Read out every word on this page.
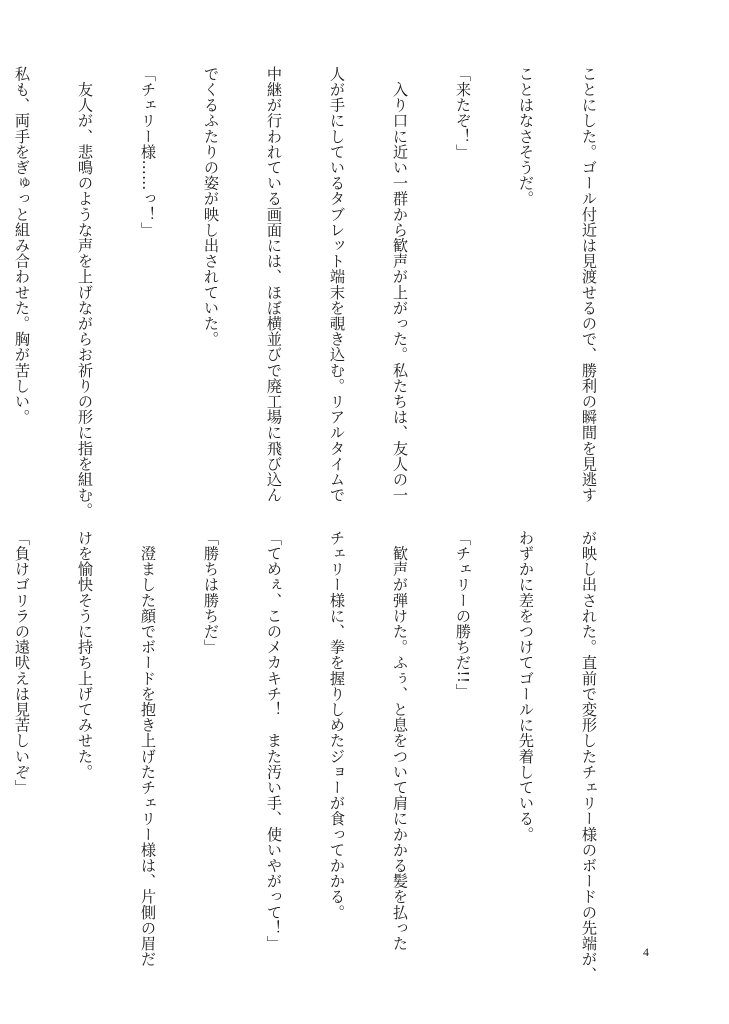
ことにした。ゴール付近は見渡せるので、勝利の瞬間を見逃す

ことはなさそうだ。

「来たぞ！」

　入り口に近い一群から歓声が上がった。私たちは、友人の一

人が手にしているタブレット端末を覗き込む。リアルタイムで

中継が行われている画面には、ほぼ横並びで廃工場に飛び込ん

でくるふたりの姿が映し出されていた。

「チェリー様……っ！」

　友人が、悲鳴のような声を上げながらお祈りの形に指を組む。

私も、両手をぎゅっと組み合わせた。胸が苦しい。

が映し出された。直前で変形したチェリー様のボードの先端が、

わずかに差をつけてゴールに先着している。

「チェリーの勝ちだ!!」

　歓声が弾けた。ふぅ、と息をついて肩にかかる髪を払った

チェリー様に、拳を握りしめたジョーが食ってかかる。

「てめぇ、このメカキチ！　また汚い手、使いやがって！」

「勝ちは勝ちだ」

　澄ました顔でボードを抱き上げたチェリー様は、片側の眉だ

けを愉快そうに持ち上げてみせた。

「負けゴリラの遠吠えは見苦しいぞ」

4
